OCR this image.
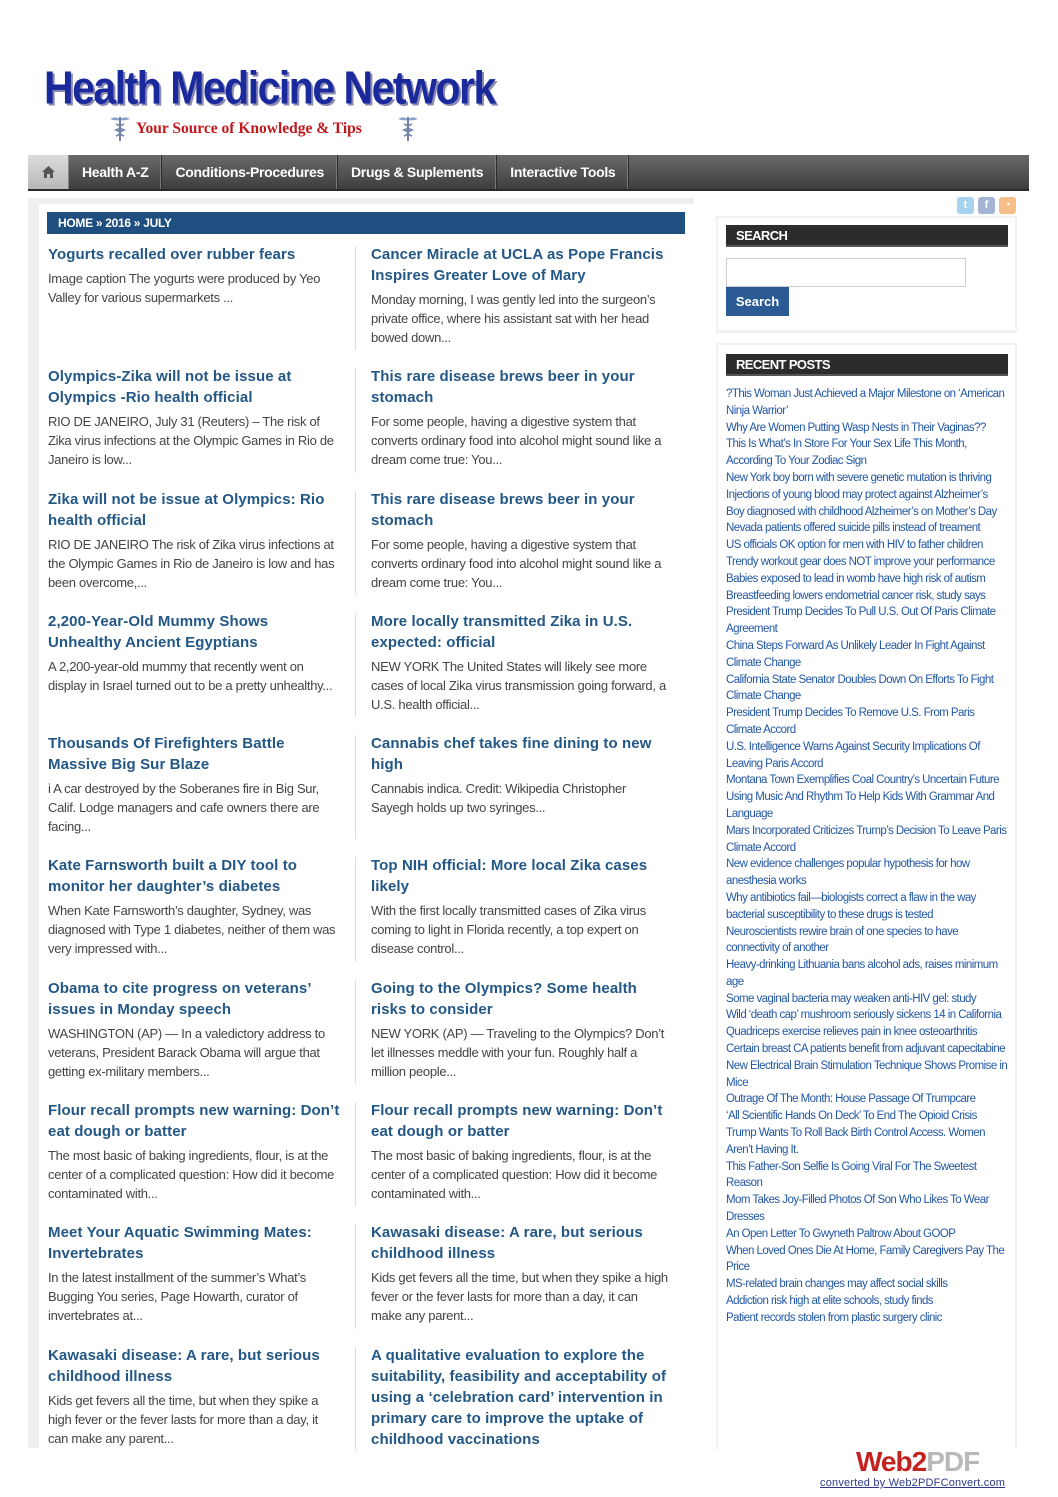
Health Medicine Network
Your Source of Knowledge & Tips
Health A-Z	Conditions-Procedures	Drugs & Suplements	Interactive Tools
HOME » 2016 » JULY
Yogurts recalled over rubber fears
Image caption The yogurts were produced by Yeo Valley for various supermarkets ...
Cancer Miracle at UCLA as Pope Francis Inspires Greater Love of Mary
Monday morning, I was gently led into the surgeon’s private office, where his assistant sat with her head bowed down...
Olympics-Zika will not be issue at Olympics -Rio health official
RIO DE JANEIRO, July 31 (Reuters) – The risk of Zika virus infections at the Olympic Games in Rio de Janeiro is low...
This rare disease brews beer in your stomach
For some people, having a digestive system that converts ordinary food into alcohol might sound like a dream come true: You...
Zika will not be issue at Olympics: Rio health official
RIO DE JANEIRO The risk of Zika virus infections at the Olympic Games in Rio de Janeiro is low and has been overcome,...
This rare disease brews beer in your stomach
For some people, having a digestive system that converts ordinary food into alcohol might sound like a dream come true: You...
2,200-Year-Old Mummy Shows Unhealthy Ancient Egyptians
A 2,200-year-old mummy that recently went on display in Israel turned out to be a pretty unhealthy...
More locally transmitted Zika in U.S. expected: official
NEW YORK The United States will likely see more cases of local Zika virus transmission going forward, a U.S. health official...
Thousands Of Firefighters Battle Massive Big Sur Blaze
i A car destroyed by the Soberanes fire in Big Sur, Calif. Lodge managers and cafe owners there are facing...
Cannabis chef takes fine dining to new high
Cannabis indica. Credit: Wikipedia Christopher Sayegh holds up two syringes...
Kate Farnsworth built a DIY tool to monitor her daughter’s diabetes
When Kate Farnsworth’s daughter, Sydney, was diagnosed with Type 1 diabetes, neither of them was very impressed with...
Top NIH official: More local Zika cases likely
With the first locally transmitted cases of Zika virus coming to light in Florida recently, a top expert on disease control...
Obama to cite progress on veterans’ issues in Monday speech
WASHINGTON (AP) — In a valedictory address to veterans, President Barack Obama will argue that getting ex-military members...
Going to the Olympics? Some health risks to consider
NEW YORK (AP) — Traveling to the Olympics? Don’t let illnesses meddle with your fun. Roughly half a million people...
Flour recall prompts new warning: Don’t eat dough or batter
The most basic of baking ingredients, flour, is at the center of a complicated question: How did it become contaminated with...
Flour recall prompts new warning: Don’t eat dough or batter
The most basic of baking ingredients, flour, is at the center of a complicated question: How did it become contaminated with...
Meet Your Aquatic Swimming Mates: Invertebrates
In the latest installment of the summer’s What’s Bugging You series, Page Howarth, curator of invertebrates at...
Kawasaki disease: A rare, but serious childhood illness
Kids get fevers all the time, but when they spike a high fever or the fever lasts for more than a day, it can make any parent...
Kawasaki disease: A rare, but serious childhood illness
Kids get fevers all the time, but when they spike a high fever or the fever lasts for more than a day, it can make any parent...
A qualitative evaluation to explore the suitability, feasibility and acceptability of using a ‘celebration card’ intervention in primary care to improve the uptake of childhood vaccinations
t	f	◔
SEARCH
Search
RECENT POSTS
?This Woman Just Achieved a Major Milestone on ‘American Ninja Warrior’
Why Are Women Putting Wasp Nests in Their Vaginas??
This Is What’s In Store For Your Sex Life This Month, According To Your Zodiac Sign
New York boy born with severe genetic mutation is thriving
Injections of young blood may protect against Alzheimer’s
Boy diagnosed with childhood Alzheimer’s on Mother’s Day
Nevada patients offered suicide pills instead of treament
US officials OK option for men with HIV to father children
Trendy workout gear does NOT improve your performance
Babies exposed to lead in womb have high risk of autism
Breastfeeding lowers endometrial cancer risk, study says
President Trump Decides To Pull U.S. Out Of Paris Climate Agreement
China Steps Forward As Unlikely Leader In Fight Against Climate Change
California State Senator Doubles Down On Efforts To Fight Climate Change
President Trump Decides To Remove U.S. From Paris Climate Accord
U.S. Intelligence Warns Against Security Implications Of Leaving Paris Accord
Montana Town Exemplifies Coal Country’s Uncertain Future
Using Music And Rhythm To Help Kids With Grammar And Language
Mars Incorporated Criticizes Trump’s Decision To Leave Paris Climate Accord
New evidence challenges popular hypothesis for how anesthesia works
Why antibiotics fail—biologists correct a flaw in the way bacterial susceptibility to these drugs is tested
Neuroscientists rewire brain of one species to have connectivity of another
Heavy-drinking Lithuania bans alcohol ads, raises minimum age
Some vaginal bacteria may weaken anti-HIV gel: study
Wild ‘death cap’ mushroom seriously sickens 14 in California
Quadriceps exercise relieves pain in knee osteoarthritis
Certain breast CA patients benefit from adjuvant capecitabine
New Electrical Brain Stimulation Technique Shows Promise in Mice
Outrage Of The Month: House Passage Of Trumpcare
‘All Scientific Hands On Deck’ To End The Opioid Crisis
Trump Wants To Roll Back Birth Control Access. Women Aren’t Having It.
This Father-Son Selfie Is Going Viral For The Sweetest Reason
Mom Takes Joy-Filled Photos Of Son Who Likes To Wear Dresses
An Open Letter To Gwyneth Paltrow About GOOP
When Loved Ones Die At Home, Family Caregivers Pay The Price
MS-related brain changes may affect social skills
Addiction risk high at elite schools, study finds
Patient records stolen from plastic surgery clinic
Web2PDF
converted by Web2PDFConvert.com
